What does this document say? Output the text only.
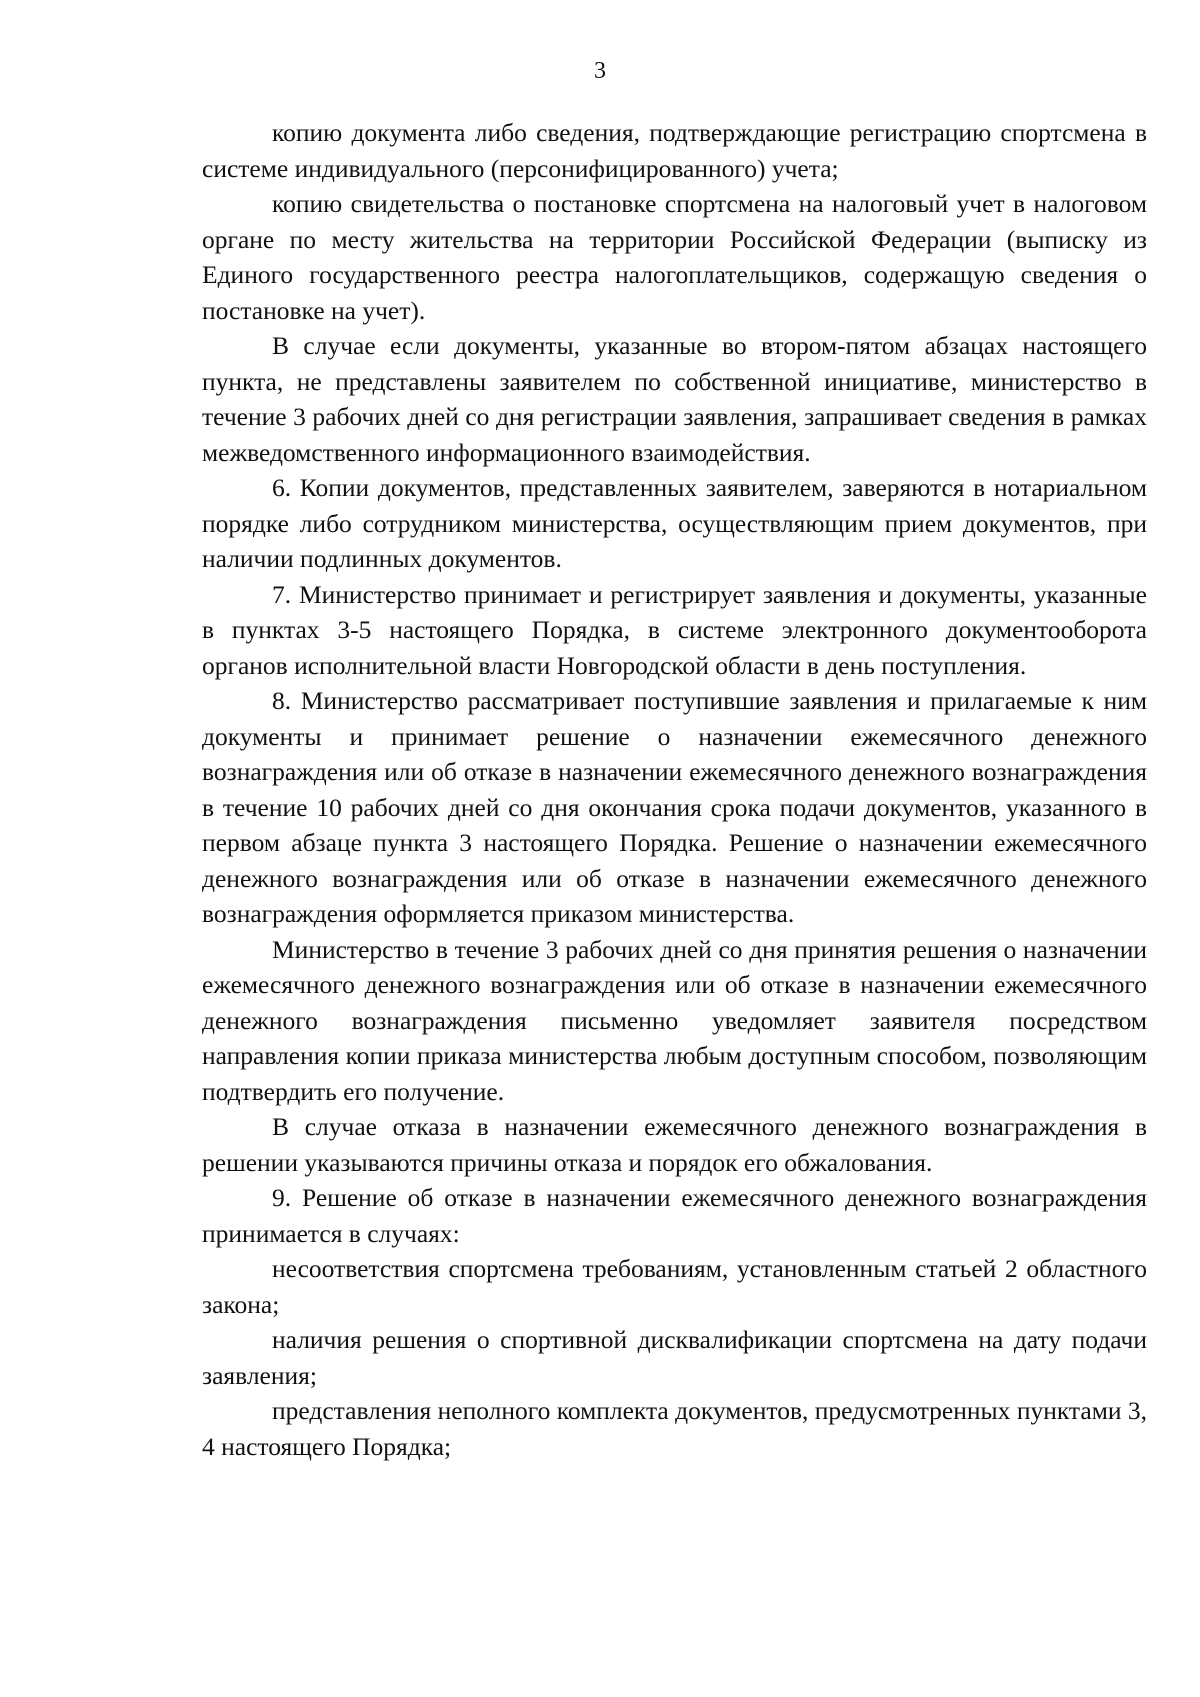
3

копию документа либо сведения, подтверждающие регистрацию спортсмена в системе индивидуального (персонифицированного) учета;

копию свидетельства о постановке спортсмена на налоговый учет в налоговом органе по месту жительства на территории Российской Федерации (выписку из Единого государственного реестра налогоплательщиков, содержащую сведения о постановке на учет).

В случае если документы, указанные во втором-пятом абзацах настоящего пункта, не представлены заявителем по собственной инициативе, министерство в течение 3 рабочих дней со дня регистрации заявления, запрашивает сведения в рамках межведомственного информационного взаимодействия.

6. Копии документов, представленных заявителем, заверяются в нотариальном порядке либо сотрудником министерства, осуществляющим прием документов, при наличии подлинных документов.

7. Министерство принимает и регистрирует заявления и документы, указанные в пунктах 3-5 настоящего Порядка, в системе электронного документооборота органов исполнительной власти Новгородской области в день поступления.

8. Министерство рассматривает поступившие заявления и прилагаемые к ним документы и принимает решение о назначении ежемесячного денежного вознаграждения или об отказе в назначении ежемесячного денежного вознаграждения в течение 10 рабочих дней со дня окончания срока подачи документов, указанного в первом абзаце пункта 3 настоящего Порядка. Решение о назначении ежемесячного денежного вознаграждения или об отказе в назначении ежемесячного денежного вознаграждения оформляется приказом министерства.

Министерство в течение 3 рабочих дней со дня принятия решения о назначении ежемесячного денежного вознаграждения или об отказе в назначении ежемесячного денежного вознаграждения письменно уведомляет заявителя посредством направления копии приказа министерства любым доступным способом, позволяющим подтвердить его получение.

В случае отказа в назначении ежемесячного денежного вознаграждения в решении указываются причины отказа и порядок его обжалования.

9. Решение об отказе в назначении ежемесячного денежного вознаграждения принимается в случаях:

несоответствия спортсмена требованиям, установленным статьей 2 областного закона;

наличия решения о спортивной дисквалификации спортсмена на дату подачи заявления;

представления неполного комплекта документов, предусмотренных пунктами 3, 4 настоящего Порядка;
